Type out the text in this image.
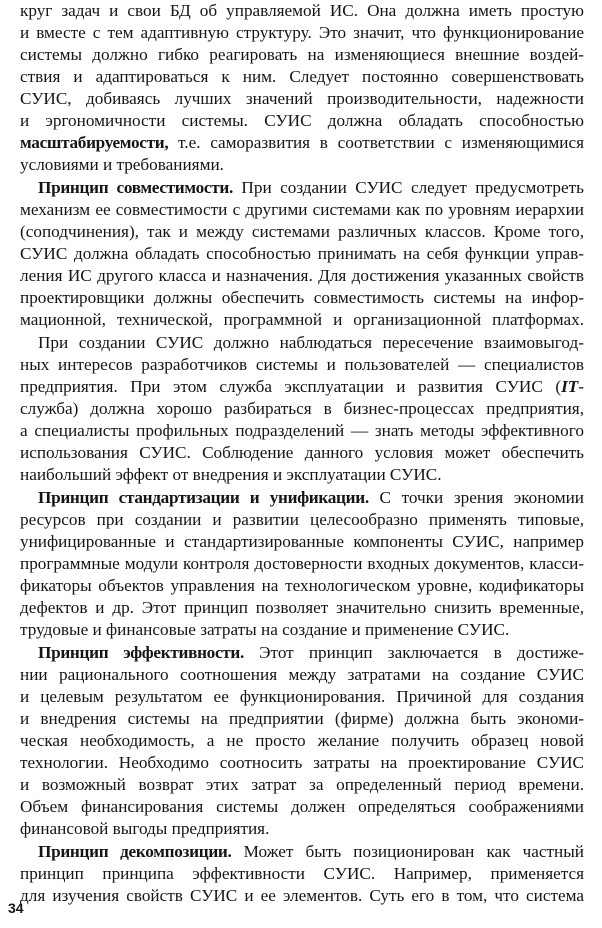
круг задач и свои БД об управляемой ИС. Она должна иметь простую
и вместе с тем адаптивную структуру. Это значит, что функционирование
системы должно гибко реагировать на изменяющиеся внешние воздей-
ствия и адаптироваться к ним. Следует постоянно совершенствовать
СУИС, добиваясь лучших значений производительности, надежности
и эргономичности системы. СУИС должна обладать способностью
масштабируемости, т.е. саморазвития в соответствии с изменяющимися
условиями и требованиями.
Принцип совместимости. При создании СУИС следует предусмотреть
механизм ее совместимости с другими системами как по уровням иерархии
(соподчинения), так и между системами различных классов. Кроме того,
СУИС должна обладать способностью принимать на себя функции управ-
ления ИС другого класса и назначения. Для достижения указанных свойств
проектировщики должны обеспечить совместимость системы на инфор-
мационной, технической, программной и организационной платформах.
При создании СУИС должно наблюдаться пересечение взаимовыгод-
ных интересов разработчиков системы и пользователей — специалистов
предприятия. При этом служба эксплуатации и развития СУИС (IT-
служба) должна хорошо разбираться в бизнес-процессах предприятия,
а специалисты профильных подразделений — знать методы эффективного
использования СУИС. Соблюдение данного условия может обеспечить
наибольший эффект от внедрения и эксплуатации СУИС.
Принцип стандартизации и унификации. С точки зрения экономии
ресурсов при создании и развитии целесообразно применять типовые,
унифицированные и стандартизированные компоненты СУИС, например
программные модули контроля достоверности входных документов, класси-
фикаторы объектов управления на технологическом уровне, кодификаторы
дефектов и др. Этот принцип позволяет значительно снизить временные,
трудовые и финансовые затраты на создание и применение СУИС.
Принцип эффективности. Этот принцип заключается в достиже-
нии рационального соотношения между затратами на создание СУИС
и целевым результатом ее функционирования. Причиной для создания
и внедрения системы на предприятии (фирме) должна быть экономи-
ческая необходимость, а не просто желание получить образец новой
технологии. Необходимо соотносить затраты на проектирование СУИС
и возможный возврат этих затрат за определенный период времени.
Объем финансирования системы должен определяться соображениями
финансовой выгоды предприятия.
Принцип декомпозиции. Может быть позиционирован как частный
принцип принципа эффективности СУИС. Например, применяется
для изучения свойств СУИС и ее элементов. Суть его в том, что система
34
